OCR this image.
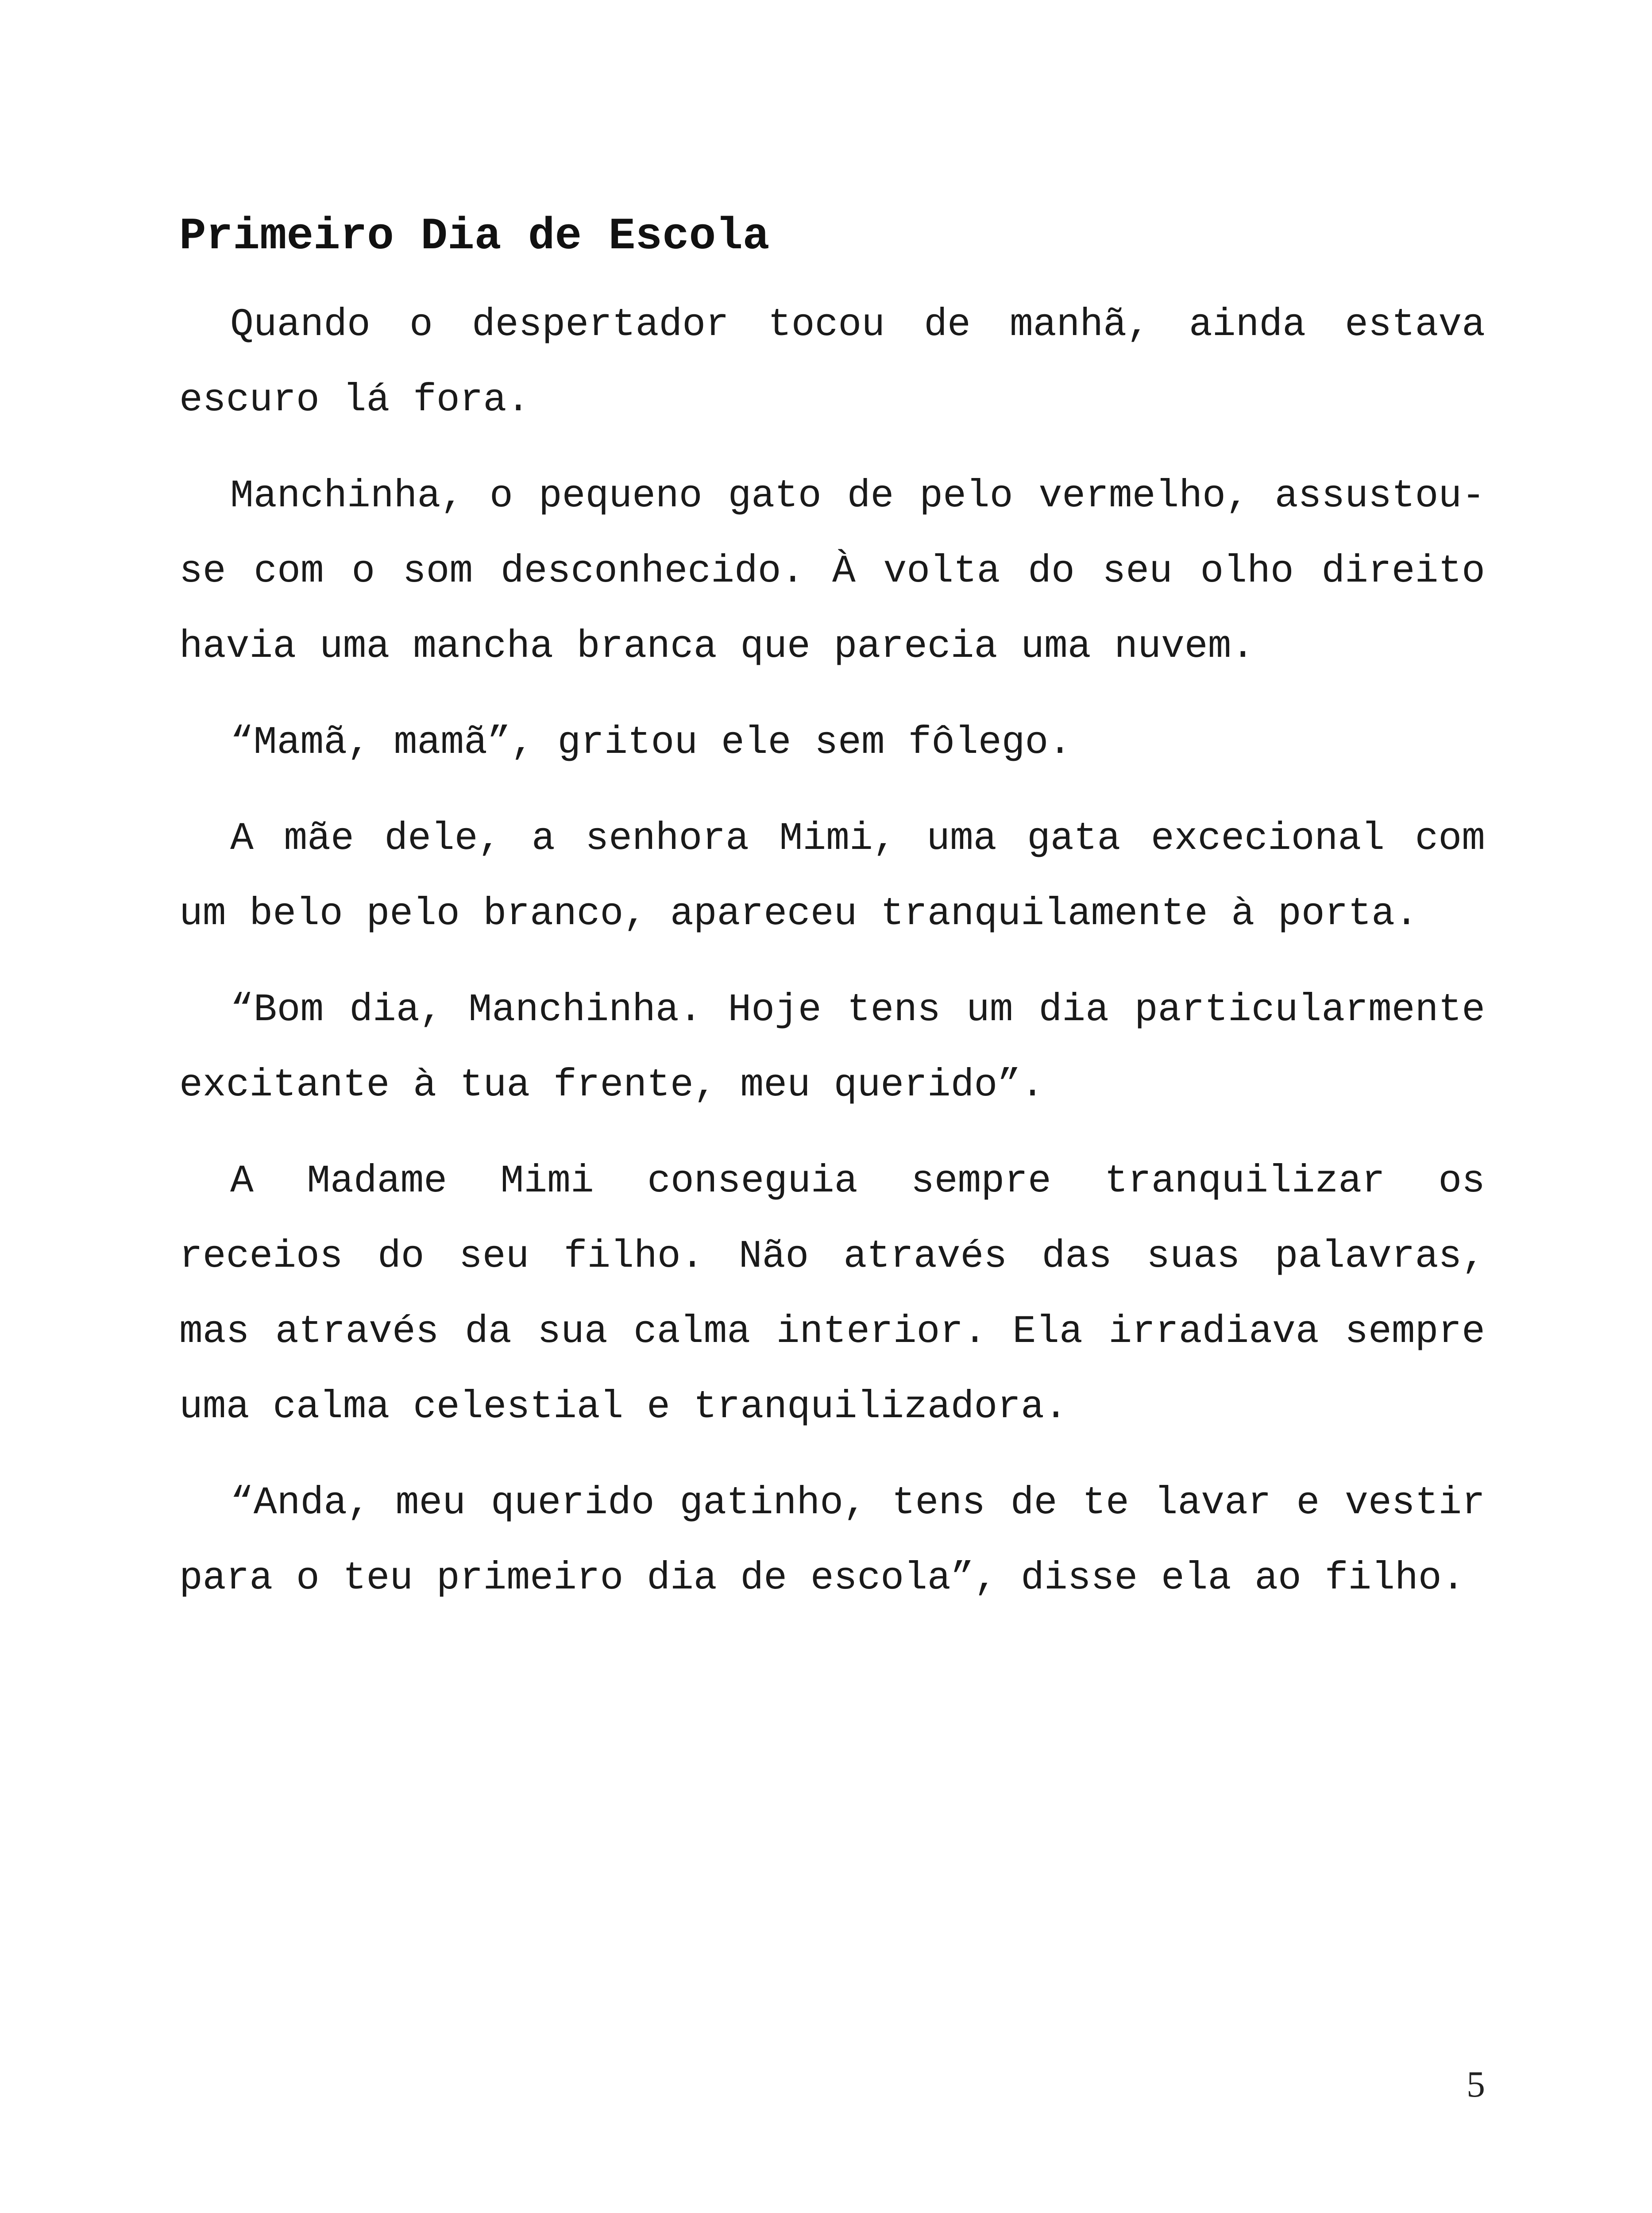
Primeiro Dia de Escola

Quando o despertador tocou de manhã, ainda estava escuro lá fora.

Manchinha, o pequeno gato de pelo vermelho, assustou-se com o som desconhecido. À volta do seu olho direito havia uma mancha branca que parecia uma nuvem.

“Mamã, mamã”, gritou ele sem fôlego.

A mãe dele, a senhora Mimi, uma gata excecional com um belo pelo branco, apareceu tranquilamente à porta.

“Bom dia, Manchinha. Hoje tens um dia particularmente excitante à tua frente, meu querido”.

A Madame Mimi conseguia sempre tranquilizar os receios do seu filho. Não através das suas palavras, mas através da sua calma interior. Ela irradiava sempre uma calma celestial e tranquilizadora.

“Anda, meu querido gatinho, tens de te lavar e vestir para o teu primeiro dia de escola”, disse ela ao filho.

5
